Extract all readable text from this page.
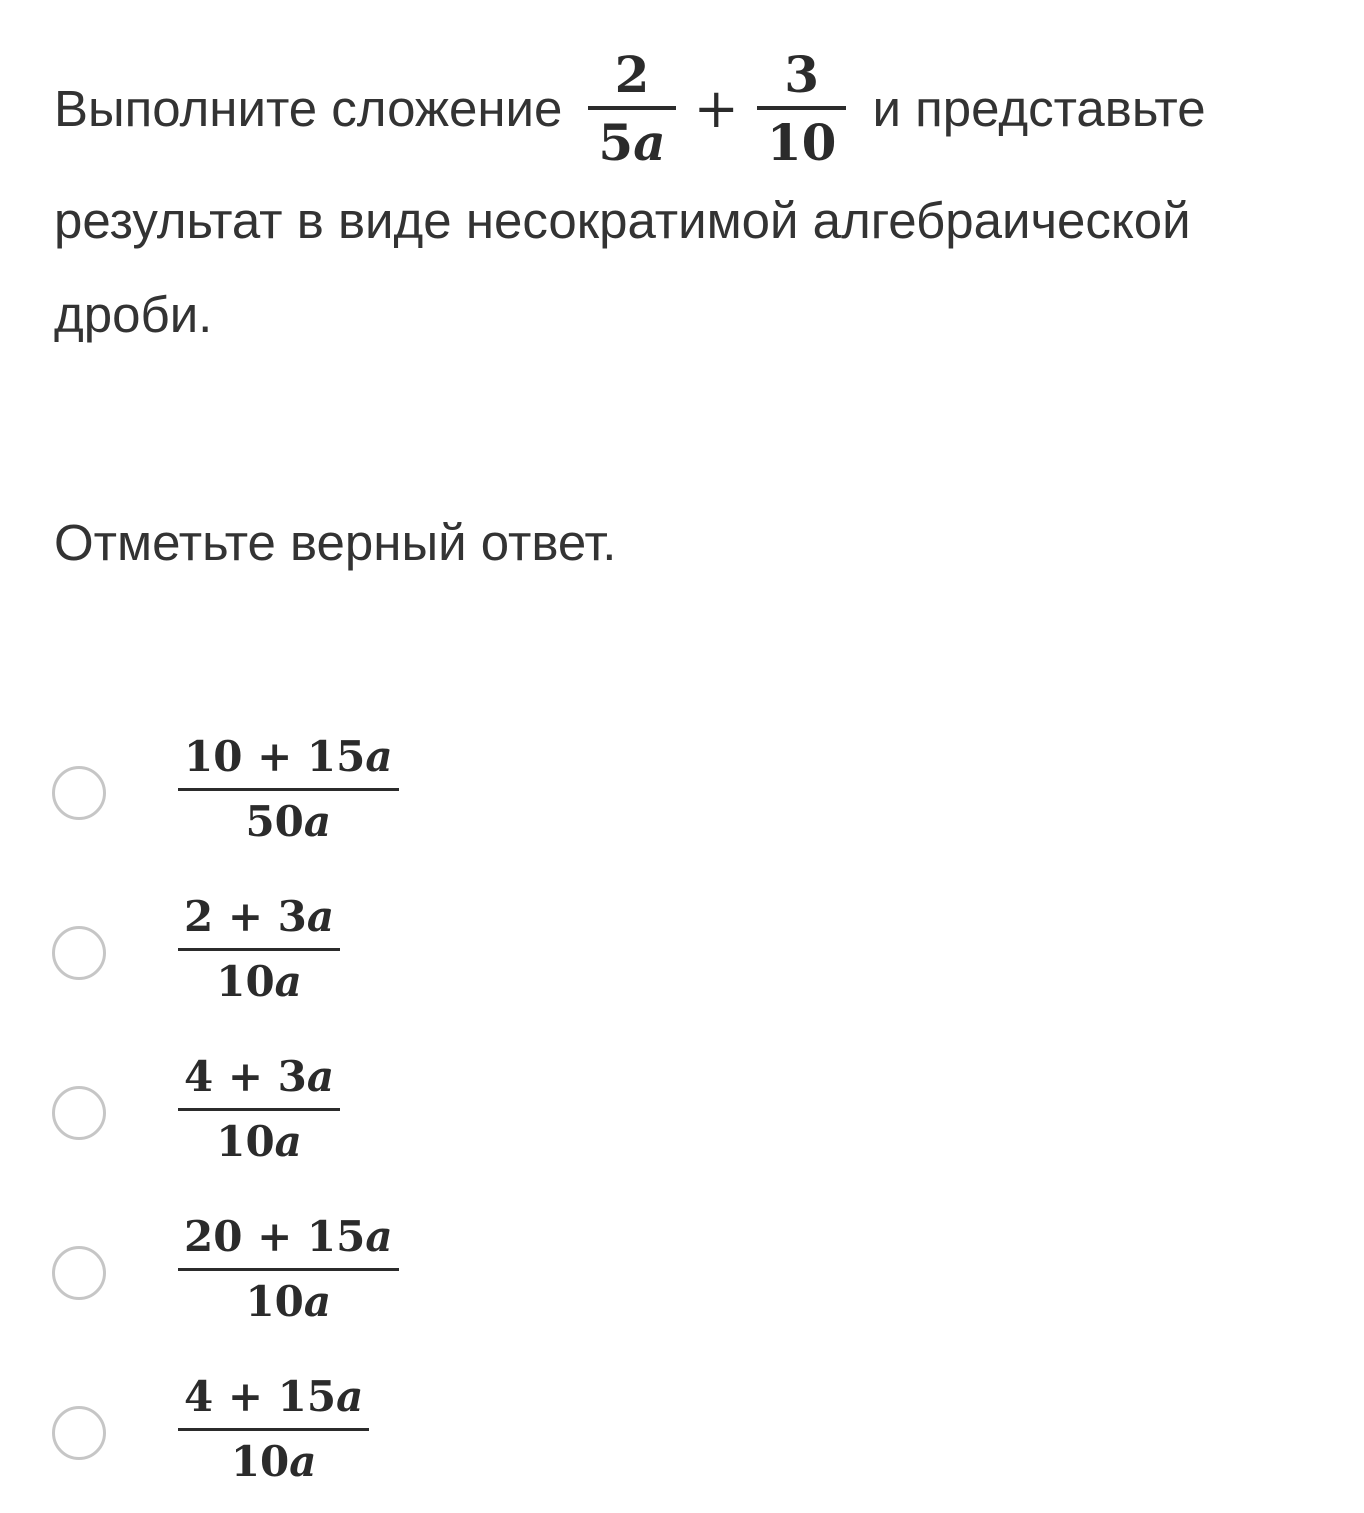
Выполните сложение $\frac{2}{5a} + \frac{3}{10}$ и представьте
результат в виде несократимой алгебраической
дроби.
Отметьте верный ответ.
10 + 15a
50a
2 + 3a
10a
4 + 3a
10a
20 + 15a
10a
4 + 15a
10a
